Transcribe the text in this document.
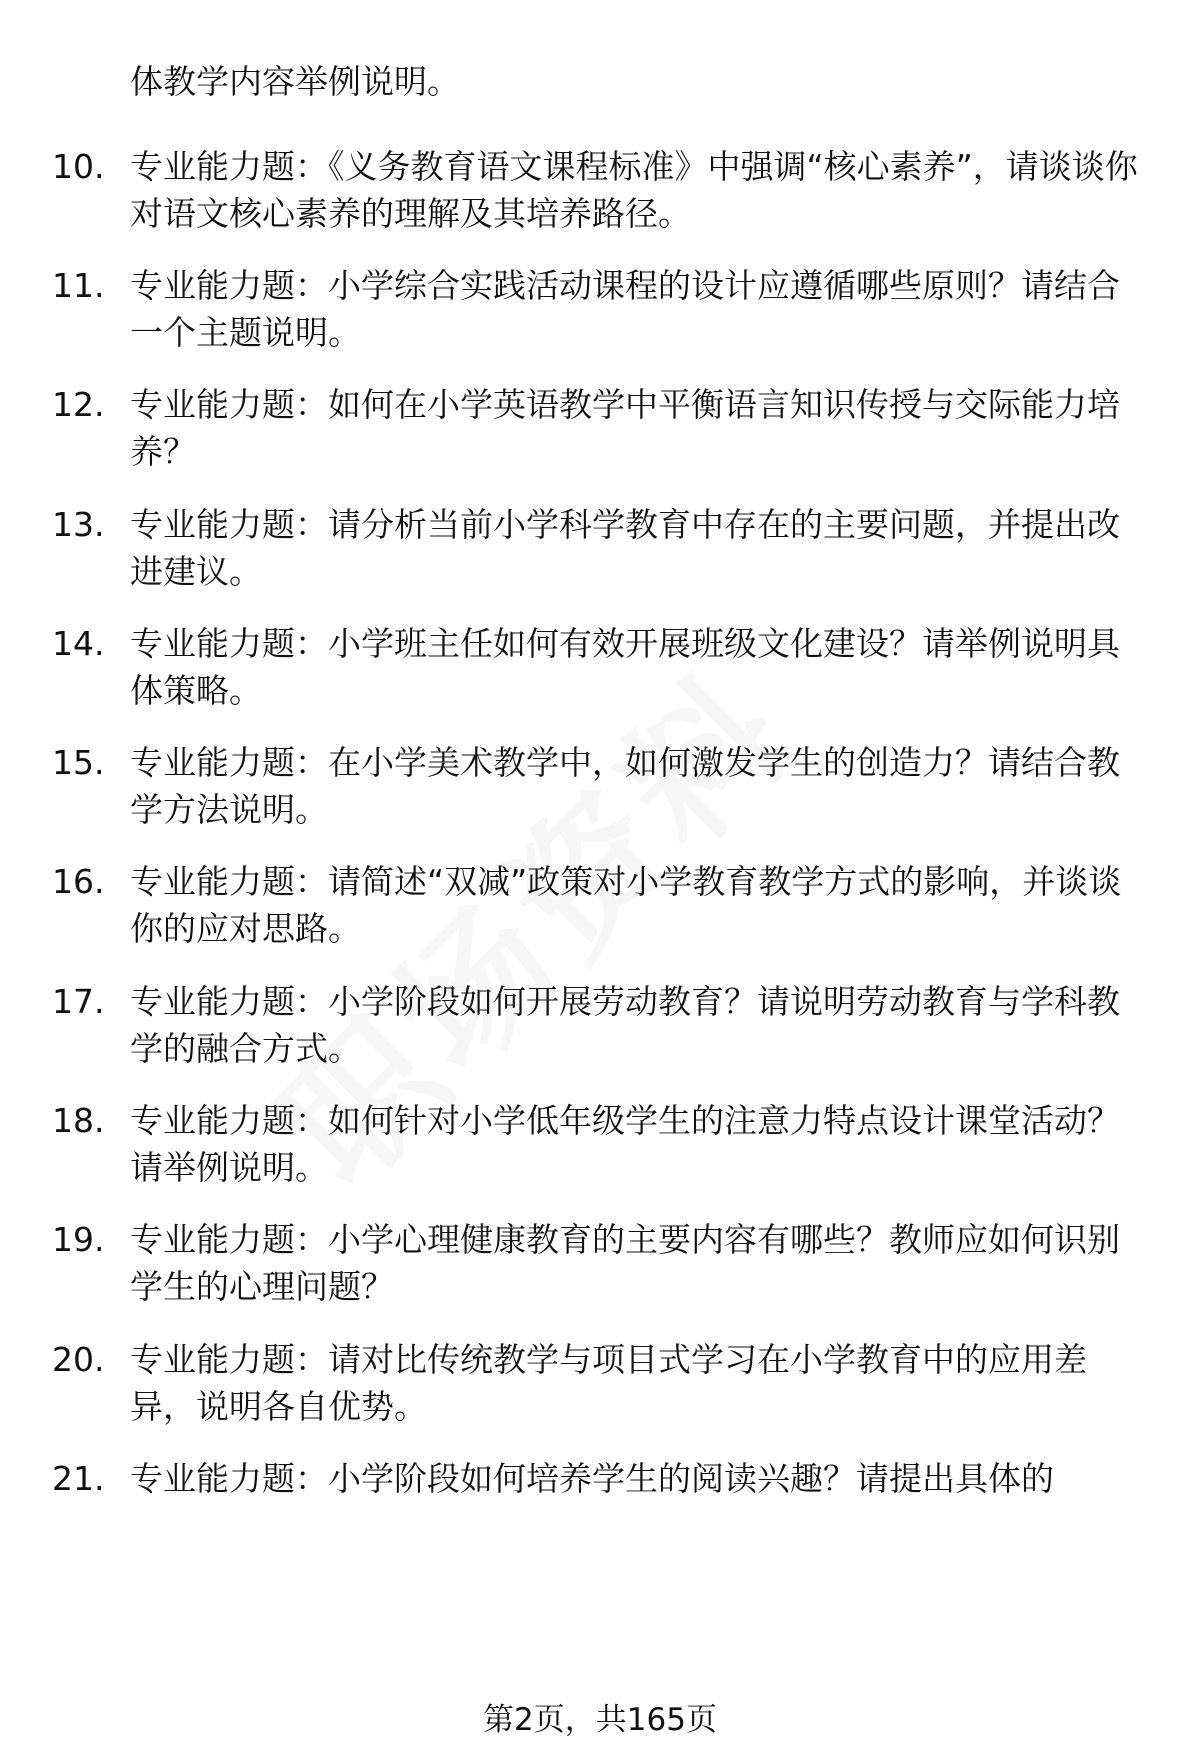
体教学内容举例说明。
10. 专业能力题：《义务教育语文课程标准》中强调“核心素养”，请谈谈你对语文核心素养的理解及其培养路径。
11. 专业能力题：小学综合实践活动课程的设计应遵循哪些原则？请结合一个主题说明。
12. 专业能力题：如何在小学英语教学中平衡语言知识传授与交际能力培养？
13. 专业能力题：请分析当前小学科学教育中存在的主要问题，并提出改进建议。
14. 专业能力题：小学班主任如何有效开展班级文化建设？请举例说明具体策略。
15. 专业能力题：在小学美术教学中，如何激发学生的创造力？请结合教学方法说明。
16. 专业能力题：请简述“双减”政策对小学教育教学方式的影响，并谈谈你的应对思路。
17. 专业能力题：小学阶段如何开展劳动教育？请说明劳动教育与学科教学的融合方式。
18. 专业能力题：如何针对小学低年级学生的注意力特点设计课堂活动？请举例说明。
19. 专业能力题：小学心理健康教育的主要内容有哪些？教师应如何识别学生的心理问题？
20. 专业能力题：请对比传统教学与项目式学习在小学教育中的应用差异，说明各自优势。
21. 专业能力题：小学阶段如何培养学生的阅读兴趣？请提出具体的
第2页，共165页
